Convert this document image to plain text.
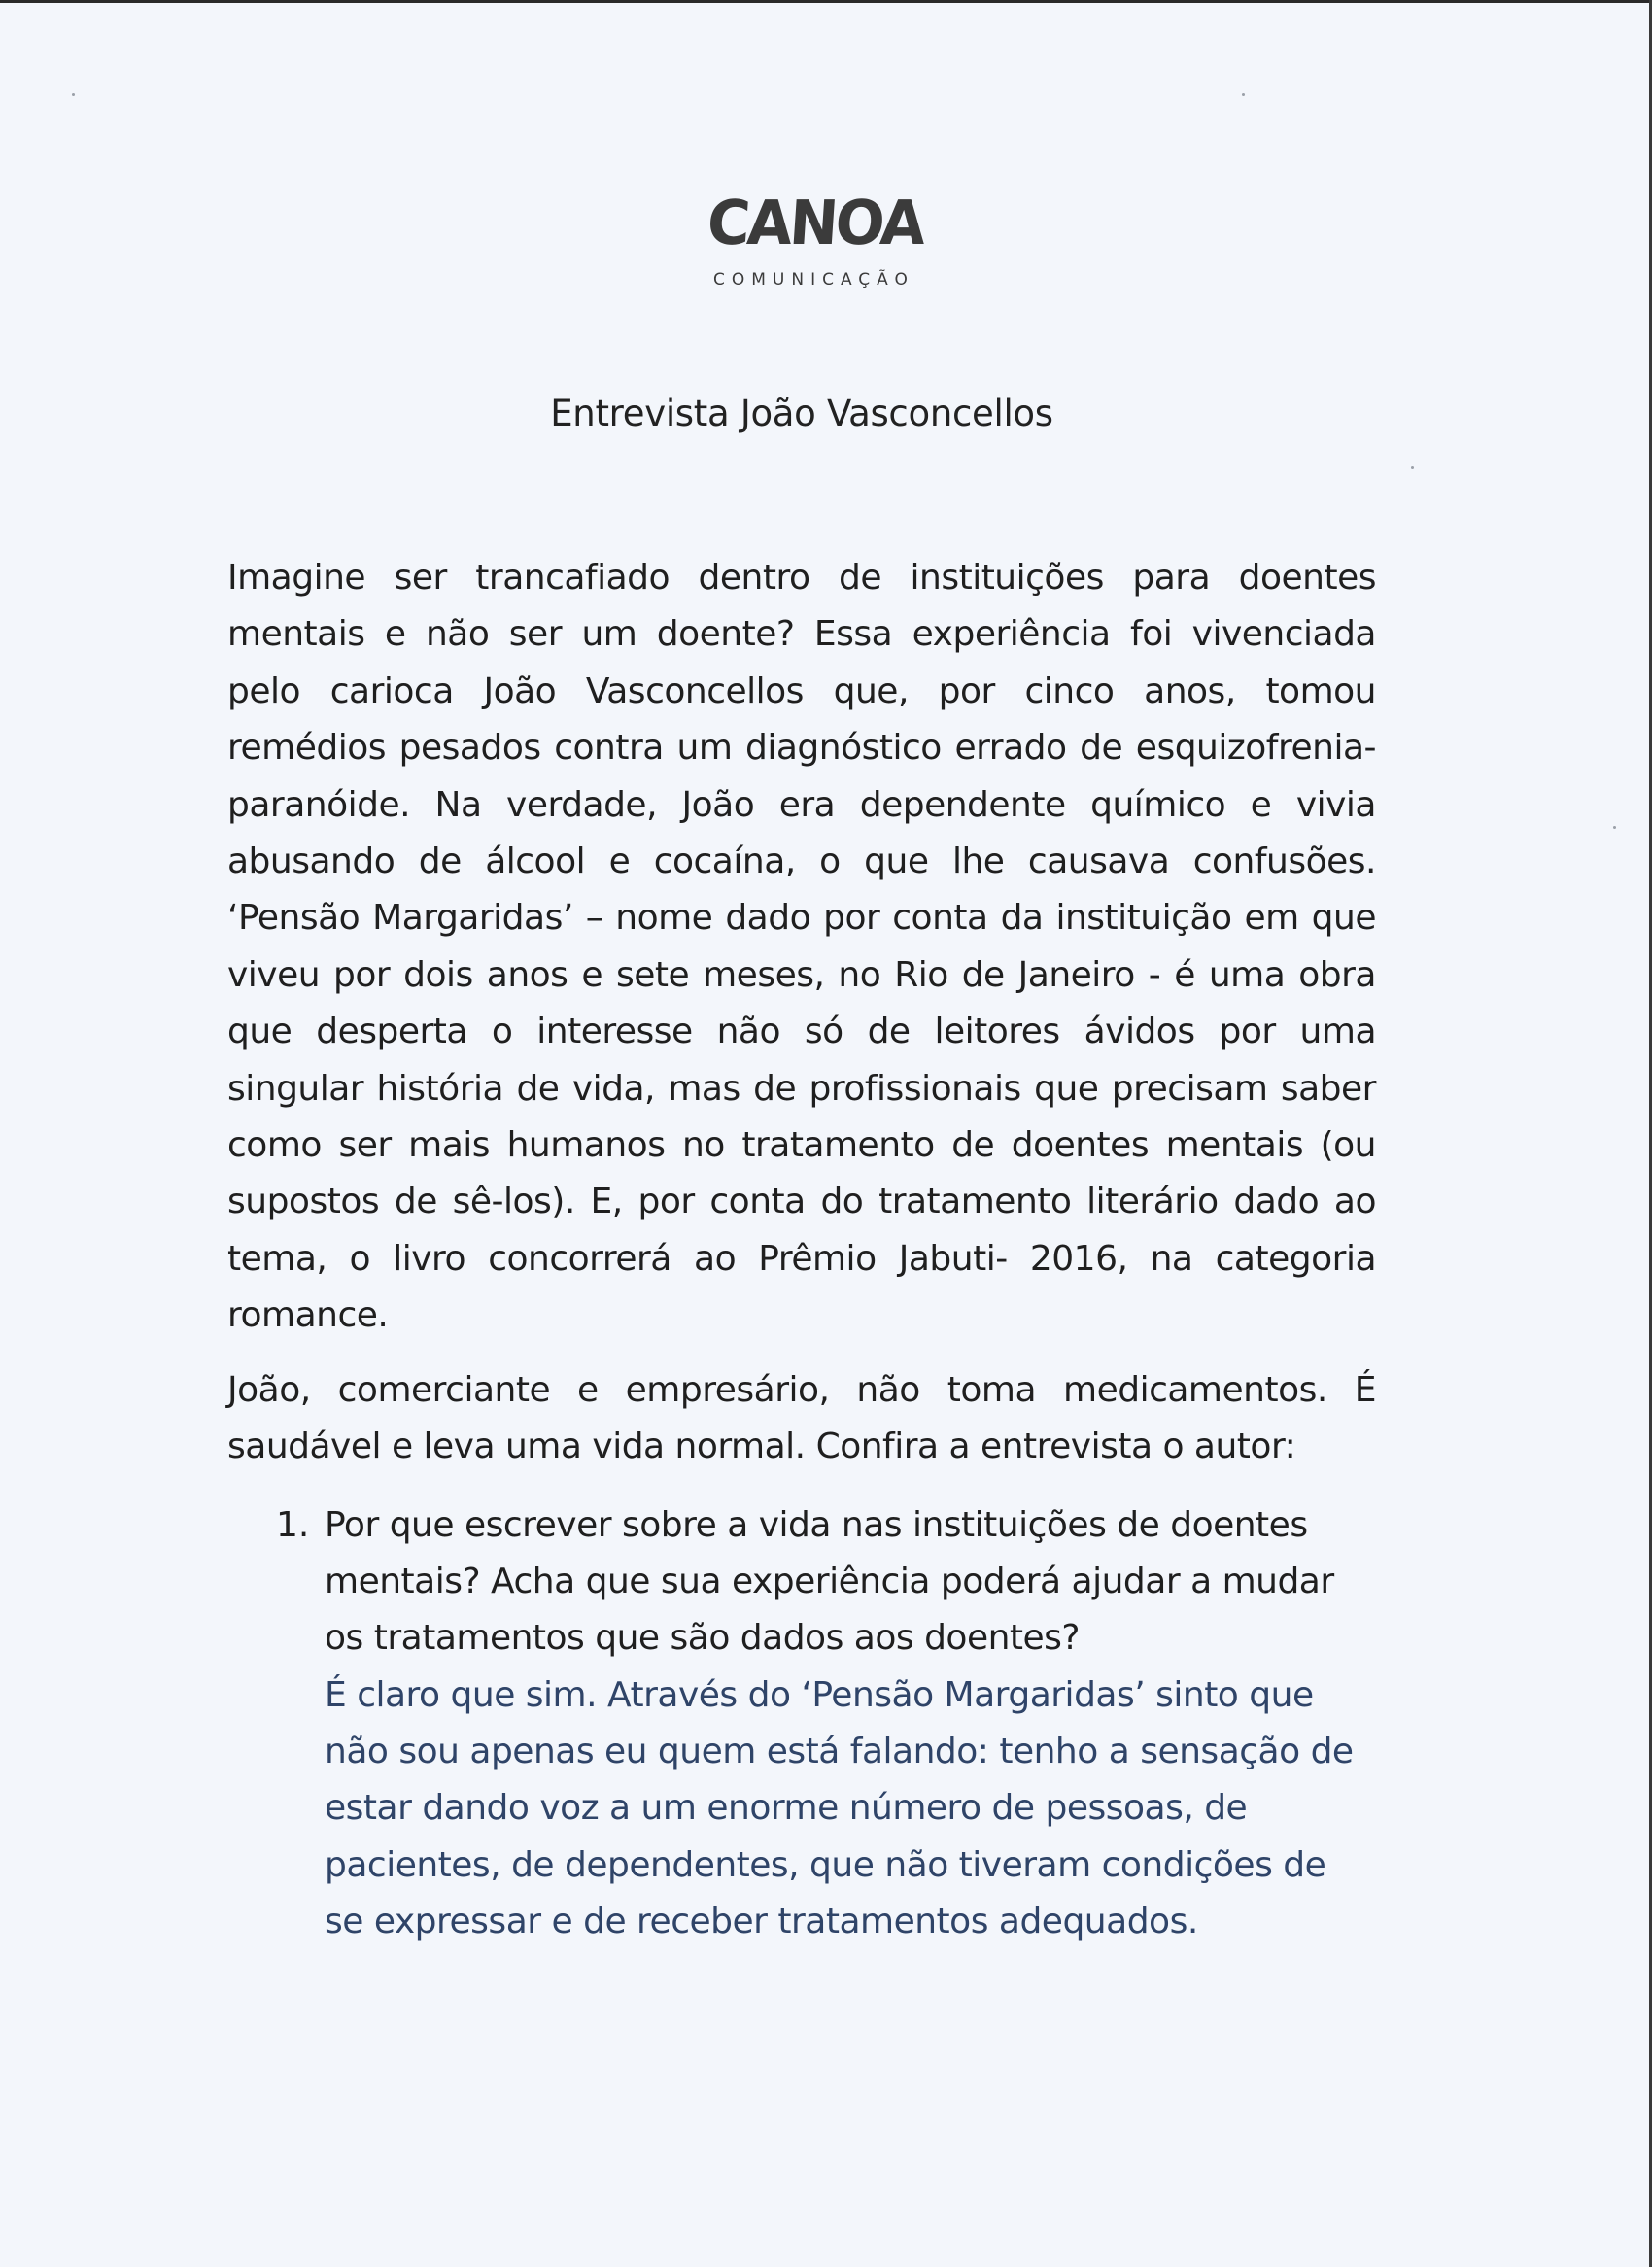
CANOA
COMUNICAÇÃO
Entrevista João Vasconcellos

Imagine ser trancafiado dentro de instituições para doentes mentais e não ser um doente? Essa experiência foi vivenciada pelo carioca João Vasconcellos que, por cinco anos, tomou remédios pesados contra um diagnóstico errado de esquizofrenia-paranóide. Na verdade, João era dependente químico e vivia abusando de álcool e cocaína, o que lhe causava confusões. ‘Pensão Margaridas’ – nome dado por conta da instituição em que viveu por dois anos e sete meses, no Rio de Janeiro - é uma obra que desperta o interesse não só de leitores ávidos por uma singular história de vida, mas de profissionais que precisam saber como ser mais humanos no tratamento de doentes mentais (ou supostos de sê-los). E, por conta do tratamento literário dado ao tema, o livro concorrerá ao Prêmio Jabuti- 2016, na categoria romance.

João, comerciante e empresário, não toma medicamentos. É saudável e leva uma vida normal. Confira a entrevista o autor:

1. Por que escrever sobre a vida nas instituições de doentes mentais? Acha que sua experiência poderá ajudar a mudar os tratamentos que são dados aos doentes?
É claro que sim. Através do ‘Pensão Margaridas’ sinto que não sou apenas eu quem está falando: tenho a sensação de estar dando voz a um enorme número de pessoas, de pacientes, de dependentes, que não tiveram condições de se expressar e de receber tratamentos adequados.
